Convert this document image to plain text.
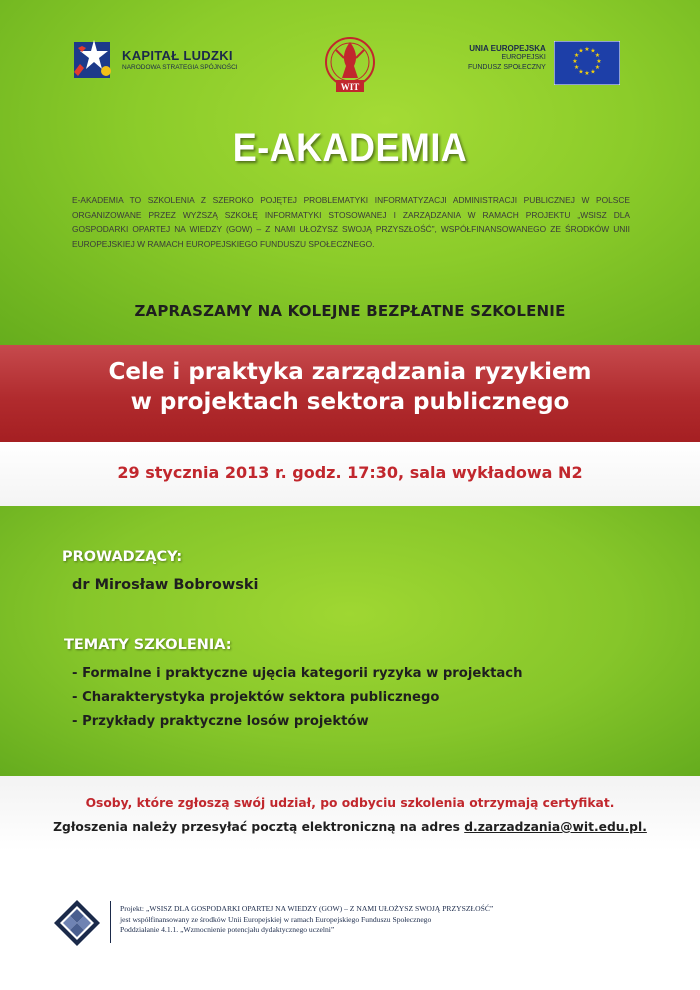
KAPITAŁ LUDZKI
NARODOWA STRATEGIA SPÓJNOŚCI
WIT
UNIA EUROPEJSKA
EUROPEJSKI
FUNDUSZ SPOŁECZNY
★ ★
★
★
★
★
★
★
★
★
★
★
E-AKADEMIA
E-AKADEMIA TO SZKOLENIA Z SZEROKO POJĘTEJ PROBLEMATYKI INFORMATYZACJI ADMINISTRACJI PUBLICZNEJ W POLSCE ORGANIZOWANE PRZEZ WYŻSZĄ SZKOŁĘ INFORMATYKI STOSOWANEJ I ZARZĄDZANIA W RAMACH PROJEKTU „WSISZ DLA GOSPODARKI OPARTEJ NA WIEDZY (GOW) – Z NAMI UŁOŻYSZ SWOJĄ PRZYSZŁOŚĆ”, WSPÓŁFINANSOWANEGO ZE ŚRODKÓW UNII EUROPEJSKIEJ W RAMACH EUROPEJSKIEGO FUNDUSZU SPOŁECZNEGO.
ZAPRASZAMY NA KOLEJNE BEZPŁATNE SZKOLENIE
Cele i praktyka zarządzania ryzykiem
w projektach sektora publicznego
29 stycznia 2013 r. godz. 17:30, sala wykładowa N2
PROWADZĄCY:
dr Mirosław Bobrowski
TEMATY SZKOLENIA:
- Formalne i praktyczne ujęcia kategorii ryzyka w projektach
- Charakterystyka projektów sektora publicznego
- Przykłady praktyczne losów projektów
Osoby, które zgłoszą swój udział, po odbyciu szkolenia otrzymają certyfikat.
Zgłoszenia należy przesyłać pocztą elektroniczną na adres d.zarzadzania@wit.edu.pl.
Projekt: „WSISZ DLA GOSPODARKI OPARTEJ NA WIEDZY (GOW) – Z NAMI UŁOŻYSZ SWOJĄ PRZYSZŁOŚĆ”
jest współfinansowany ze środków Unii Europejskiej w ramach Europejskiego Funduszu Społecznego
Poddziałanie 4.1.1. „Wzmocnienie potencjału dydaktycznego uczelni”
